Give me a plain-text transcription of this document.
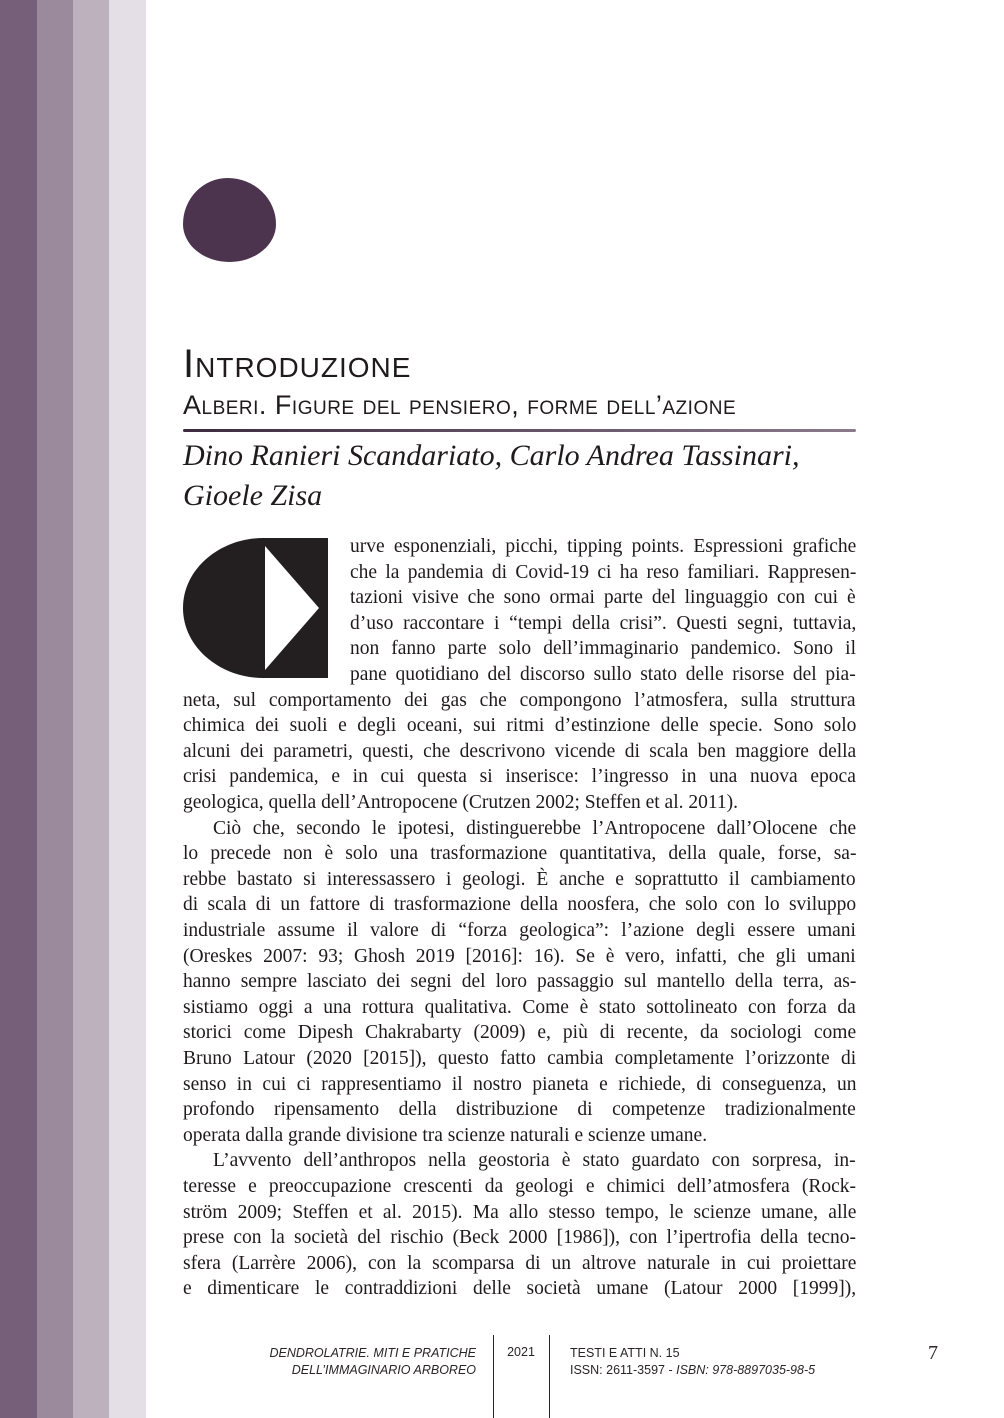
Introduzione
Alberi. Figure del pensiero, forme dell’azione
Dino Ranieri Scandariato, Carlo Andrea Tassinari,
Gioele Zisa
urve esponenziali, picchi, tipping points. Espressioni grafiche
che la pandemia di Covid-19 ci ha reso familiari. Rappresen-
tazioni visive che sono ormai parte del linguaggio con cui è
d’uso raccontare i “tempi della crisi”. Questi segni, tuttavia,
non fanno parte solo dell’immaginario pandemico. Sono il
pane quotidiano del discorso sullo stato delle risorse del pia-
neta, sul comportamento dei gas che compongono l’atmosfera, sulla struttura
chimica dei suoli e degli oceani, sui ritmi d’estinzione delle specie. Sono solo
alcuni dei parametri, questi, che descrivono vicende di scala ben maggiore della
crisi pandemica, e in cui questa si inserisce: l’ingresso in una nuova epoca
geologica, quella dell’Antropocene (Crutzen 2002; Steffen et al. 2011).
Ciò che, secondo le ipotesi, distinguerebbe l’Antropocene dall’Olocene che
lo precede non è solo una trasformazione quantitativa, della quale, forse, sa-
rebbe bastato si interessassero i geologi. È anche e soprattutto il cambiamento
di scala di un fattore di trasformazione della noosfera, che solo con lo sviluppo
industriale assume il valore di “forza geologica”: l’azione degli essere umani
(Oreskes 2007: 93; Ghosh 2019 [2016]: 16). Se è vero, infatti, che gli umani
hanno sempre lasciato dei segni del loro passaggio sul mantello della terra, as-
sistiamo oggi a una rottura qualitativa. Come è stato sottolineato con forza da
storici come Dipesh Chakrabarty (2009) e, più di recente, da sociologi come
Bruno Latour (2020 [2015]), questo fatto cambia completamente l’orizzonte di
senso in cui ci rappresentiamo il nostro pianeta e richiede, di conseguenza, un
profondo ripensamento della distribuzione di competenze tradizionalmente
operata dalla grande divisione tra scienze naturali e scienze umane.
L’avvento dell’anthropos nella geostoria è stato guardato con sorpresa, in-
teresse e preoccupazione crescenti da geologi e chimici dell’atmosfera (Rock-
ström 2009; Steffen et al. 2015). Ma allo stesso tempo, le scienze umane, alle
prese con la società del rischio (Beck 2000 [1986]), con l’ipertrofia della tecno-
sfera (Larrère 2006), con la scomparsa di un altrove naturale in cui proiettare
e dimenticare le contraddizioni delle società umane (Latour 2000 [1999]),
DENDROLATRIE. MITI E PRATICHE
DELL’IMMAGINARIO ARBOREO
2021	TESTI E ATTI N. 15
ISSN: 2611-3597 - ISBN: 978-8897035-98-5
7
